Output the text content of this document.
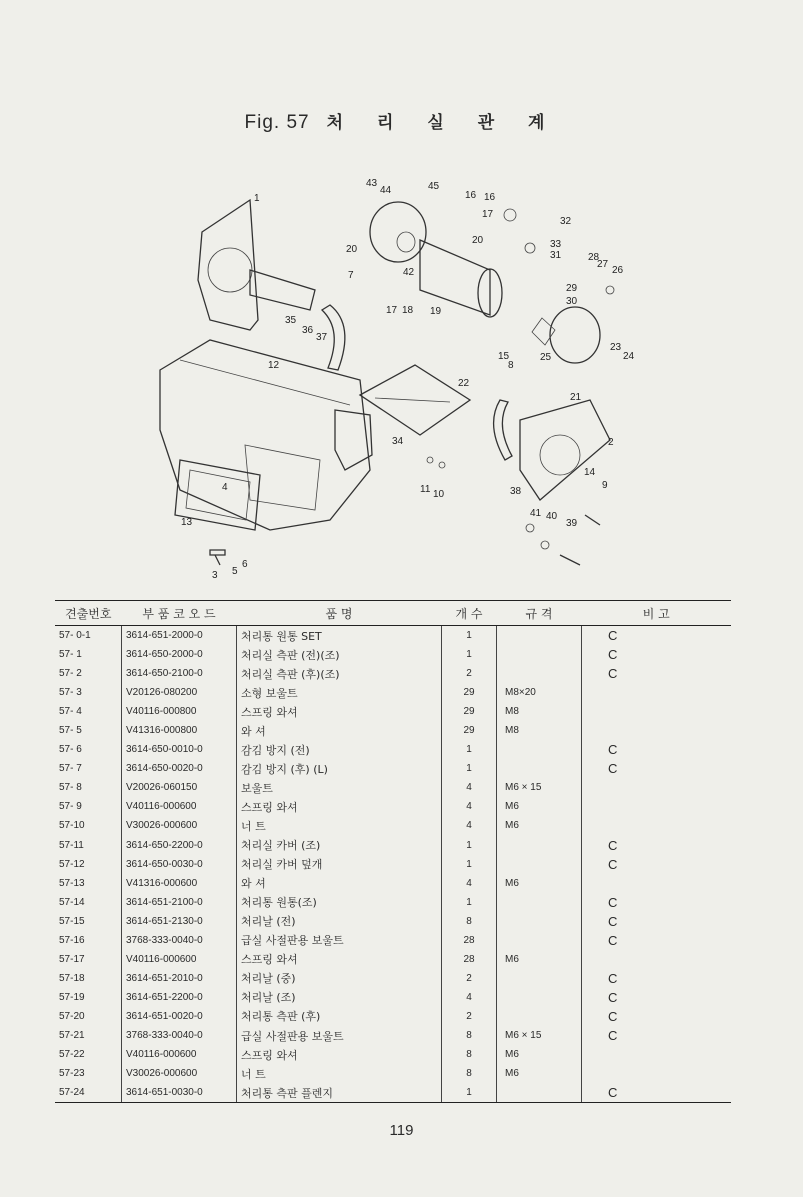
Fig. 57 처 리 실 관 계
1
2
3
4
5
6
7
8
9
10
11
12
13
14
15
16 16
17
17
18 19
20
20
21
22
23
24
25
26
27
28
29
30
31
32
33
34
35
36
37
38
39
40
41
42
43
44	45
견출번호	부 품 코 오 드	품 명	개 수	규 격	비 고
57- 0-1	3614-651-2000-0	처리통 원통 SET	1		C
57- 1	3614-650-2000-0	처리실 측판 (전)(조)	1		C
57- 2	3614-650-2100-0	처리실 측판 (후)(조)	2		C
57- 3	V20126-080200	소형 보울트	29	M8×20	
57- 4	V40116-000800	스프링 와셔	29	M8	
57- 5	V41316-000800	와 셔	29	M8	
57- 6	3614-650-0010-0	감김 방지 (전)	1		C
57- 7	3614-650-0020-0	감김 방지 (후) (L)	1		C
57- 8	V20026-060150	보울트	4	M6 × 15	
57- 9	V40116-000600	스프링 와셔	4	M6	
57-10	V30026-000600	너 트	4	M6	
57-11	3614-650-2200-0	처리실 카버 (조)	1		C
57-12	3614-650-0030-0	처리실 카버 덮개	1		C
57-13	V41316-000600	와 셔	4	M6	
57-14	3614-651-2100-0	처리통 원통(조)	1		C
57-15	3614-651-2130-0	처리날 (전)	8		C
57-16	3768-333-0040-0	급실 사절판용 보울트	28		C
57-17	V40116-000600	스프링 와셔	28	M6	
57-18	3614-651-2010-0	처리날 (중)	2		C
57-19	3614-651-2200-0	처리날 (조)	4		C
57-20	3614-651-0020-0	처리통 측판 (후)	2		C
57-21	3768-333-0040-0	급실 사절판용 보울트	8	M6 × 15	C
57-22	V40116-000600	스프링 와셔	8	M6	
57-23	V30026-000600	너 트	8	M6	
57-24	3614-651-0030-0	처리통 측판 플렌지	1		C
119
